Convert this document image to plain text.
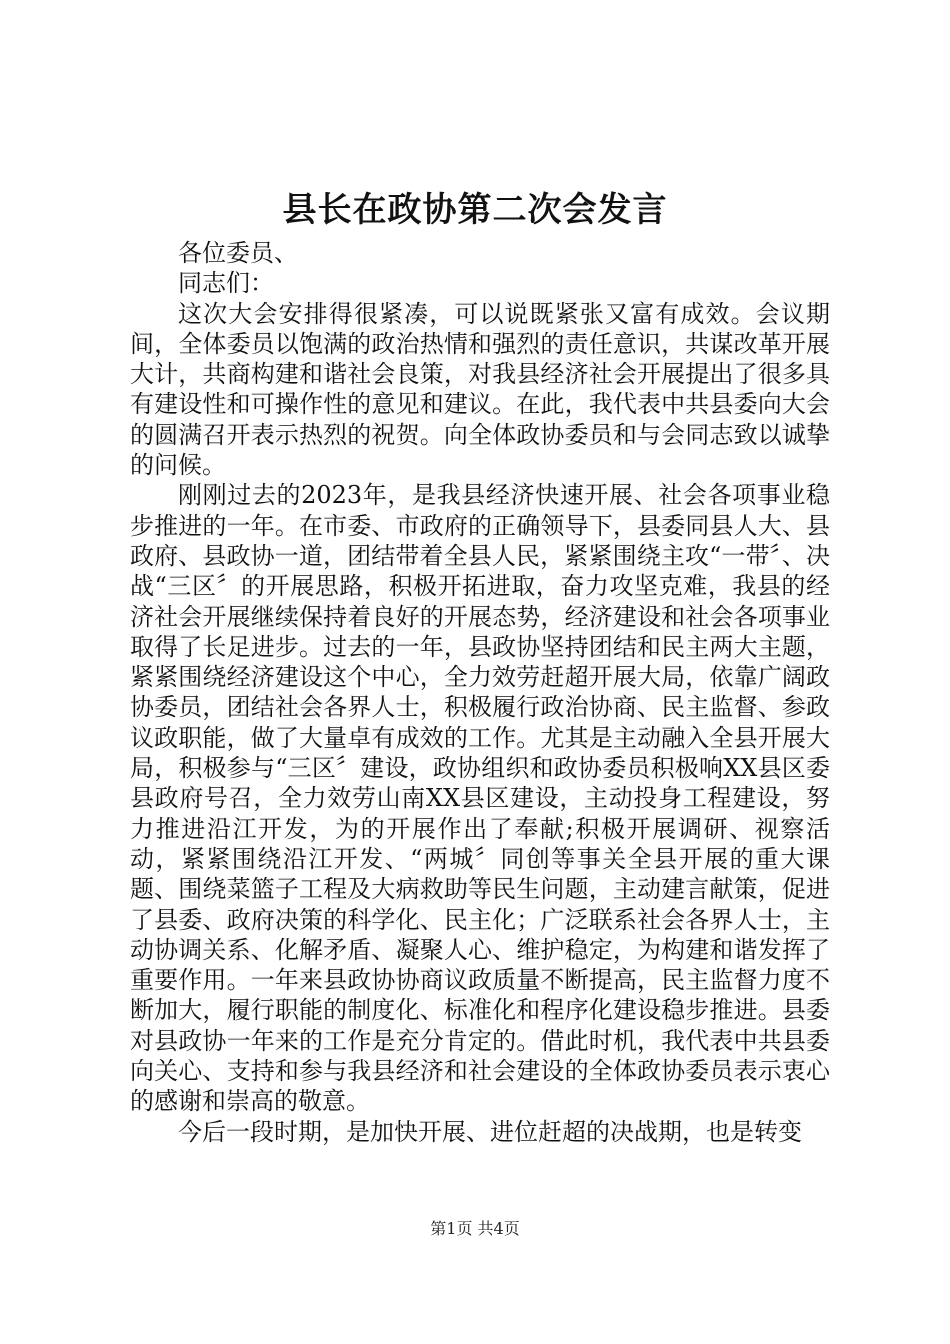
县长在政协第二次会发言

各位委员、

同志们：

这次大会安排得很紧凑，可以说既紧张又富有成效。会议期间，全体委员以饱满的政治热情和强烈的责任意识，共谋改革开展大计，共商构建和谐社会良策，对我县经济社会开展提出了很多具有建设性和可操作性的意见和建议。在此，我代表中共县委向大会的圆满召开表示热烈的祝贺。向全体政协委员和与会同志致以诚挚的问候。

刚刚过去的2023年，是我县经济快速开展、社会各项事业稳步推进的一年。在市委、市政府的正确领导下，县委同县人大、县政府、县政协一道，团结带着全县人民，紧紧围绕主攻“一带〞、决战“三区〞的开展思路，积极开拓进取，奋力攻坚克难，我县的经济社会开展继续保持着良好的开展态势，经济建设和社会各项事业取得了长足进步。过去的一年，县政协坚持团结和民主两大主题，紧紧围绕经济建设这个中心，全力效劳赶超开展大局，依靠广阔政协委员，团结社会各界人士，积极履行政治协商、民主监督、参政议政职能，做了大量卓有成效的工作。尤其是主动融入全县开展大局，积极参与“三区〞建设，政协组织和政协委员积极响XX县区委县政府号召，全力效劳山南XX县区建设，主动投身工程建设，努力推进沿江开发，为的开展作出了奉献;积极开展调研、视察活动，紧紧围绕沿江开发、“两城〞同创等事关全县开展的重大课题、围绕菜篮子工程及大病救助等民生问题，主动建言献策，促进了县委、政府决策的科学化、民主化；广泛联系社会各界人士，主动协调关系、化解矛盾、凝聚人心、维护稳定，为构建和谐发挥了重要作用。一年来县政协协商议政质量不断提高，民主监督力度不断加大，履行职能的制度化、标准化和程序化建设稳步推进。县委对县政协一年来的工作是充分肯定的。借此时机，我代表中共县委向关心、支持和参与我县经济和社会建设的全体政协委员表示衷心的感谢和崇高的敬意。

今后一段时期，是加快开展、进位赶超的决战期，也是转变

第1页 共4页
